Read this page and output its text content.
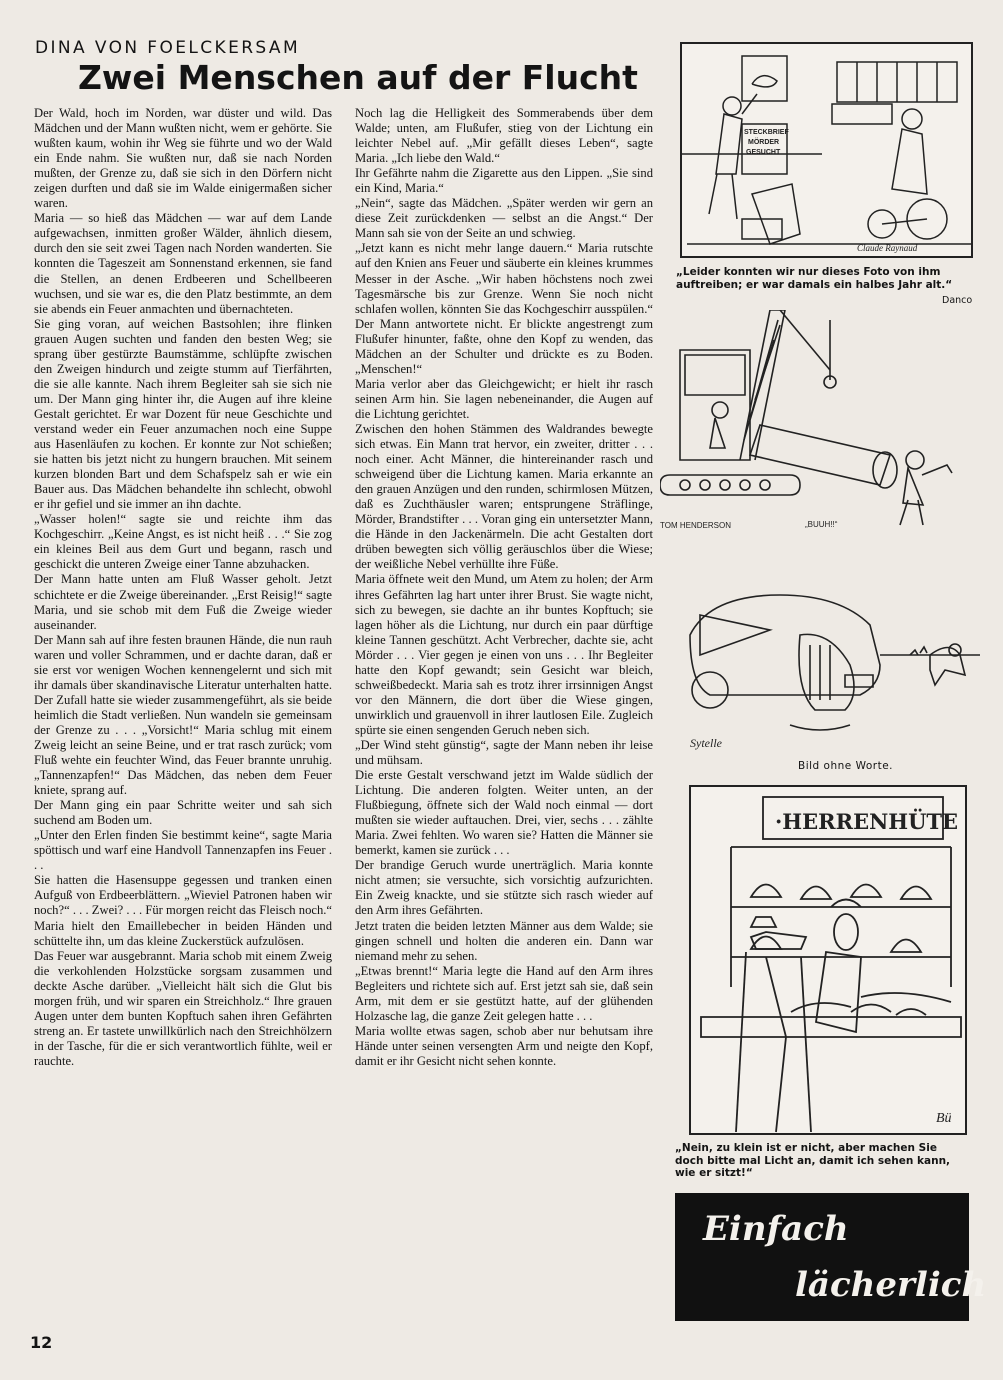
DINA VON FOELCKERSAM
Zwei Menschen auf der Flucht

Der Wald, hoch im Norden, war düster und wild. Das Mädchen und der Mann wußten nicht, wem er gehörte. Sie wußten kaum, wohin ihr Weg sie führte und wo der Wald ein Ende nahm. Sie wußten nur, daß sie nach Norden mußten, der Grenze zu, daß sie sich in den Dörfern nicht zeigen durften und daß sie im Walde einigermaßen sicher waren.

Maria — so hieß das Mädchen — war auf dem Lande aufgewachsen, inmitten großer Wälder, ähnlich diesem, durch den sie seit zwei Tagen nach Norden wanderten. Sie konnten die Tageszeit am Sonnenstand erkennen, sie fand die Stellen, an denen Erdbeeren und Schellbeeren wuchsen, und sie war es, die den Platz bestimmte, an dem sie abends ein Feuer anmachten und übernachteten.

Sie ging voran, auf weichen Bastsohlen; ihre flinken grauen Augen suchten und fanden den besten Weg; sie sprang über gestürzte Baumstämme, schlüpfte zwischen den Zweigen hindurch und zeigte stumm auf Tierfährten, die sie alle kannte. Nach ihrem Begleiter sah sie sich nie um. Der Mann ging hinter ihr, die Augen auf ihre kleine Gestalt gerichtet. Er war Dozent für neue Geschichte und verstand weder ein Feuer anzumachen noch eine Suppe aus Hasenläufen zu kochen. Er konnte zur Not schießen; sie hatten bis jetzt nicht zu hungern brauchen. Mit seinem kurzen blonden Bart und dem Schafspelz sah er wie ein Bauer aus. Das Mädchen behandelte ihn schlecht, obwohl er ihr gefiel und sie immer an ihn dachte.

„Wasser holen!“ sagte sie und reichte ihm das Kochgeschirr. „Keine Angst, es ist nicht heiß . . .“ Sie zog ein kleines Beil aus dem Gurt und begann, rasch und geschickt die unteren Zweige einer Tanne abzuhacken.

Der Mann hatte unten am Fluß Wasser geholt. Jetzt schichtete er die Zweige übereinander. „Erst Reisig!“ sagte Maria, und sie schob mit dem Fuß die Zweige wieder auseinander.

Der Mann sah auf ihre festen braunen Hände, die nun rauh waren und voller Schrammen, und er dachte daran, daß er sie erst vor wenigen Wochen kennengelernt und sich mit ihr damals über skandinavische Literatur unterhalten hatte. Der Zufall hatte sie wieder zusammengeführt, als sie beide heimlich die Stadt verließen. Nun wandeln sie gemeinsam der Grenze zu . . . „Vorsicht!“ Maria schlug mit einem Zweig leicht an seine Beine, und er trat rasch zurück; vom Fluß wehte ein feuchter Wind, das Feuer brannte unruhig. „Tannenzapfen!“ Das Mädchen, das neben dem Feuer kniete, sprang auf.

Der Mann ging ein paar Schritte weiter und sah sich suchend am Boden um.

„Unter den Erlen finden Sie bestimmt keine“, sagte Maria spöttisch und warf eine Handvoll Tannenzapfen ins Feuer . . .

Sie hatten die Hasensuppe gegessen und tranken einen Aufguß von Erdbeerblättern. „Wieviel Patronen haben wir noch?“ . . . Zwei? . . . Für morgen reicht das Fleisch noch.“ Maria hielt den Emaillebecher in beiden Händen und schüttelte ihn, um das kleine Zuckerstück aufzulösen.

Das Feuer war ausgebrannt. Maria schob mit einem Zweig die verkohlenden Holzstücke sorgsam zusammen und deckte Asche darüber. „Vielleicht hält sich die Glut bis morgen früh, und wir sparen ein Streichholz.“ Ihre grauen Augen unter dem bunten Kopftuch sahen ihren Gefährten streng an. Er tastete unwillkürlich nach den Streichhölzern in der Tasche, für die er sich verantwortlich fühlte, weil er rauchte.

Noch lag die Helligkeit des Sommerabends über dem Walde; unten, am Flußufer, stieg von der Lichtung ein leichter Nebel auf. „Mir gefällt dieses Leben“, sagte Maria. „Ich liebe den Wald.“

Ihr Gefährte nahm die Zigarette aus den Lippen. „Sie sind ein Kind, Maria.“

„Nein“, sagte das Mädchen. „Später werden wir gern an diese Zeit zurückdenken — selbst an die Angst.“ Der Mann sah sie von der Seite an und schwieg.

„Jetzt kann es nicht mehr lange dauern.“ Maria rutschte auf den Knien ans Feuer und säuberte ein kleines krummes Messer in der Asche. „Wir haben höchstens noch zwei Tagesmärsche bis zur Grenze. Wenn Sie noch nicht schlafen wollen, könnten Sie das Kochgeschirr ausspülen.“

Der Mann antwortete nicht. Er blickte angestrengt zum Flußufer hinunter, faßte, ohne den Kopf zu wenden, das Mädchen an der Schulter und drückte es zu Boden. „Menschen!“

Maria verlor aber das Gleichgewicht; er hielt ihr rasch seinen Arm hin. Sie lagen nebeneinander, die Augen auf die Lichtung gerichtet.

Zwischen den hohen Stämmen des Waldrandes bewegte sich etwas. Ein Mann trat hervor, ein zweiter, dritter . . . noch einer. Acht Männer, die hintereinander rasch und schweigend über die Lichtung kamen. Maria erkannte an den grauen Anzügen und den runden, schirmlosen Mützen, daß es Zuchthäusler waren; entsprungene Sträflinge, Mörder, Brandstifter . . . Voran ging ein untersetzter Mann, die Hände in den Jackenärmeln. Die acht Gestalten dort drüben bewegten sich völlig geräuschlos über die Wiese; der weißliche Nebel verhüllte ihre Füße.

Maria öffnete weit den Mund, um Atem zu holen; der Arm ihres Gefährten lag hart unter ihrer Brust. Sie wagte nicht, sich zu bewegen, sie dachte an ihr buntes Kopftuch; sie lagen höher als die Lichtung, nur durch ein paar dürftige kleine Tannen geschützt. Acht Verbrecher, dachte sie, acht Mörder . . . Vier gegen je einen von uns . . . Ihr Begleiter hatte den Kopf gewandt; sein Gesicht war bleich, schweißbedeckt. Maria sah es trotz ihrer irrsinnigen Angst vor den Männern, die dort über die Wiese gingen, unwirklich und grauenvoll in ihrer lautlosen Eile. Zugleich spürte sie einen sengenden Geruch neben sich.

„Der Wind steht günstig“, sagte der Mann neben ihr leise und mühsam.

Die erste Gestalt verschwand jetzt im Walde südlich der Lichtung. Die anderen folgten. Weiter unten, an der Flußbiegung, öffnete sich der Wald noch einmal — dort mußten sie wieder auftauchen. Drei, vier, sechs . . . zählte Maria. Zwei fehlten. Wo waren sie? Hatten die Männer sie bemerkt, kamen sie zurück . . .

Der brandige Geruch wurde unerträglich. Maria konnte nicht atmen; sie versuchte, sich vorsichtig aufzurichten. Ein Zweig knackte, und sie stützte sich rasch wieder auf den Arm ihres Gefährten.

Jetzt traten die beiden letzten Männer aus dem Walde; sie gingen schnell und holten die anderen ein. Dann war niemand mehr zu sehen.

„Etwas brennt!“ Maria legte die Hand auf den Arm ihres Begleiters und richtete sich auf. Erst jetzt sah sie, daß sein Arm, mit dem er sie gestützt hatte, auf der glühenden Holzasche lag, die ganze Zeit gelegen hatte . . .

Maria wollte etwas sagen, schob aber nur behutsam ihre Hände unter seinen versengten Arm und neigte den Kopf, damit er ihr Gesicht nicht sehen konnte.

STECKBRIEF
MÖRDER
GESUCHT
Claude Raynaud
„Leider konnten wir nur dieses Foto von ihm auftreiben; er war damals ein halbes Jahr alt.“
Danco
TOM HENDERSON	„BUUH!!“
Sytelle
Bild ohne Worte.
·HERRENHÜTE
Bü
„Nein, zu klein ist er nicht, aber machen Sie doch bitte mal Licht an, damit ich sehen kann, wie er sitzt!“
Einfach
lächerlich
12
